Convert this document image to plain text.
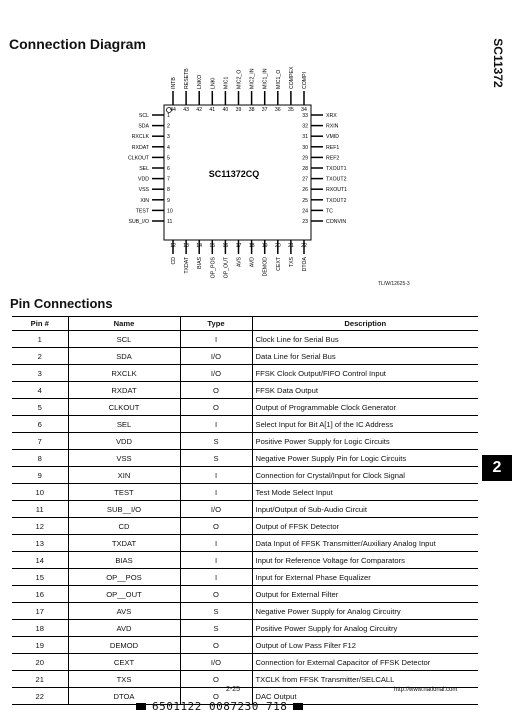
Connection Diagram	SC11372
SC11372CQ
1
SCL
2
SDA
3
RXCLK
4
RXDAT
5
CLKOUT
6
SEL
7
VDD
8
VSS
9
XIN
10
TEST
11
SUB_I/O
33	XRX
32	RXIN
31	VMID
30	REF1
29	REF2
28	TXOUT1
27	TXOUT2
26	RXOUT1
25	TXOUT2
24	TC
23	CONVIN
44
INTB
43
RESETB
42
LNKO
41
LNKI
40
MIC1
39
MIC2_O
38
MIC2_IN
37
MIC1_IN
36
MIC1_O
35
COMPEX
34
COMPI
12
CD
13
TXDAT
14
BIAS
15
OP_POS
16
OP_OUT
17
AVS
18
AVD
19
DEMOD
20
CEXT
21
TXS
22
DTOA
TL/W/12625-3
Pin Connections
Pin #	Name	Type	Description
1	SCL	I	Clock Line for Serial Bus
2	SDA	I/O	Data Line for Serial Bus
3	RXCLK	I/O	FFSK Clock Output/FIFO Control Input
4	RXDAT	O	FFSK Data Output
5	CLKOUT	O	Output of Programmable Clock Generator
6	SEL	I	Select Input for Bit A[1] of the IC Address
7	VDD	S	Positive Power Supply for Logic Circuits
8	VSS	S	Negative Power Supply Pin for Logic Circuits
9	XIN	I	Connection for Crystal/Input for Clock Signal
10	TEST	I	Test Mode Select Input
11	SUB__I/O	I/O	Input/Output of Sub-Audio Circuit
12	CD	O	Output of FFSK Detector
13	TXDAT	I	Data Input of FFSK Transmitter/Auxiliary Analog Input
14	BIAS	I	Input for Reference Voltage for Comparators
15	OP__POS	I	Input for External Phase Equalizer
16	OP__OUT	O	Output for External Filter
17	AVS	S	Negative Power Supply for Analog Circuitry
18	AVD	S	Positive Power Supply for Analog Circuitry
19	DEMOD	O	Output of Low Pass Filter F12
20	CEXT	I/O	Connection for External Capacitor of FFSK Detector
21	TXS	O	TXCLK from FFSK Transmitter/SELCALL
22	DTOA	O	DAC Output
2
2-25	http://www.national.com
6501122 0087230 718
